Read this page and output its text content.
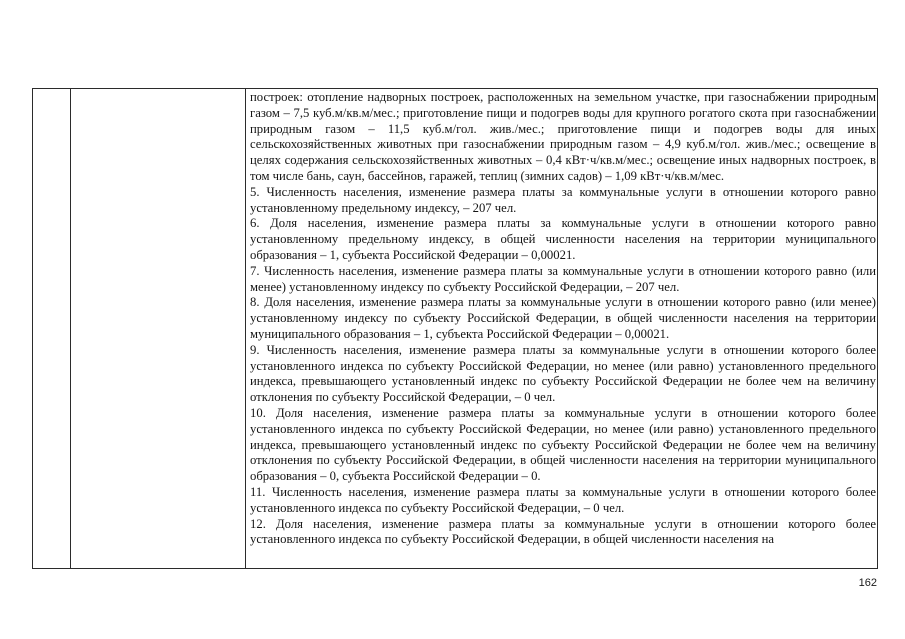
построек: отопление надворных построек, расположенных на земельном участке, при газоснабжении природным газом – 7,5 куб.м/кв.м/мес.; приготовление пищи и подогрев воды для крупного рогатого скота при газоснабжении природным газом – 11,5 куб.м/гол. жив./мес.; приготовление пищи и подогрев воды для иных сельскохозяйственных животных при газоснабжении природным газом – 4,9 куб.м/гол. жив./мес.; освещение в целях содержания сельскохозяйственных животных – 0,4 кВт·ч/кв.м/мес.; освещение иных надворных построек, в том числе бань, саун, бассейнов, гаражей, теплиц (зимних садов) – 1,09 кВт·ч/кв.м/мес.

5. Численность населения, изменение размера платы за коммунальные услуги в отношении которого равно установленному предельному индексу, – 207 чел.

6. Доля населения, изменение размера платы за коммунальные услуги в отношении которого равно установленному предельному индексу, в общей численности населения на территории муниципального образования – 1, субъекта Российской Федерации – 0,00021.

7. Численность населения, изменение размера платы за коммунальные услуги в отношении которого равно (или менее) установленному индексу по субъекту Российской Федерации, – 207 чел.

8. Доля населения, изменение размера платы за коммунальные услуги в отношении которого равно (или менее) установленному индексу по субъекту Российской Федерации, в общей численности населения на территории муниципального образования – 1, субъекта Российской Федерации – 0,00021.

9. Численность населения, изменение размера платы за коммунальные услуги в отношении которого более установленного индекса по субъекту Российской Федерации, но менее (или равно) установленного предельного индекса, превышающего установленный индекс по субъекту Российской Федерации не более чем на величину отклонения по субъекту Российской Федерации, – 0 чел.

10. Доля населения, изменение размера платы за коммунальные услуги в отношении которого более установленного индекса по субъекту Российской Федерации, но менее (или равно) установленного предельного индекса, превышающего установленный индекс по субъекту Российской Федерации не более чем на величину отклонения по субъекту Российской Федерации, в общей численности населения на территории муниципального образования – 0, субъекта Российской Федерации – 0.

11. Численность населения, изменение размера платы за коммунальные услуги в отношении которого более установленного индекса по субъекту Российской Федерации, – 0 чел.

12. Доля населения, изменение размера платы за коммунальные услуги в отношении которого более установленного индекса по субъекту Российской Федерации, в общей численности населения на

162
